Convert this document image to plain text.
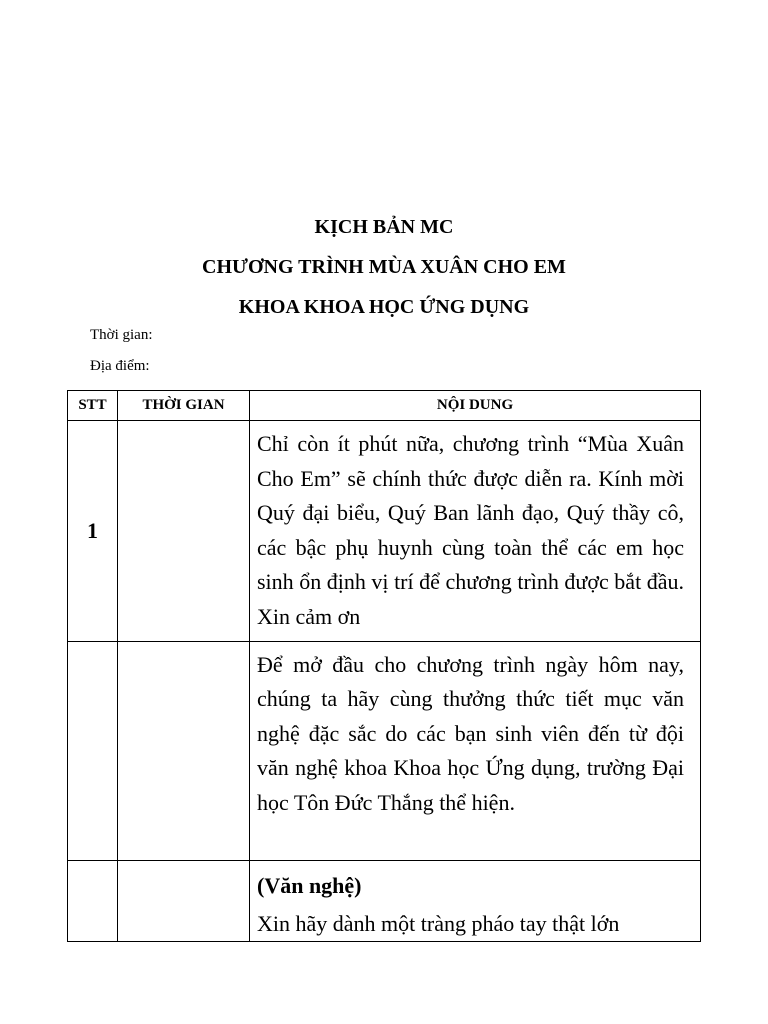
KỊCH BẢN MC

CHƯƠNG TRÌNH MÙA XUÂN CHO EM

KHOA KHOA HỌC ỨNG DỤNG

Thời gian:
Địa điểm:
STT	THỜI GIAN	NỘI DUNG
1		Chỉ còn ít phút nữa, chương trình “Mùa Xuân Cho Em” sẽ chính thức được diễn ra. Kính mời Quý đại biểu, Quý Ban lãnh đạo, Quý thầy cô, các bậc phụ huynh cùng toàn thể các em học sinh ổn định vị trí để chương trình được bắt đầu. Xin cảm ơn

		Để mở đầu cho chương trình ngày hôm nay, chúng ta hãy cùng thưởng thức tiết mục văn nghệ đặc sắc do các bạn sinh viên đến từ đội văn nghệ khoa Khoa học Ứng dụng, trường Đại học Tôn Đức Thắng thể hiện.

		(Văn nghệ)
Xin hãy dành một tràng pháo tay thật lớn
